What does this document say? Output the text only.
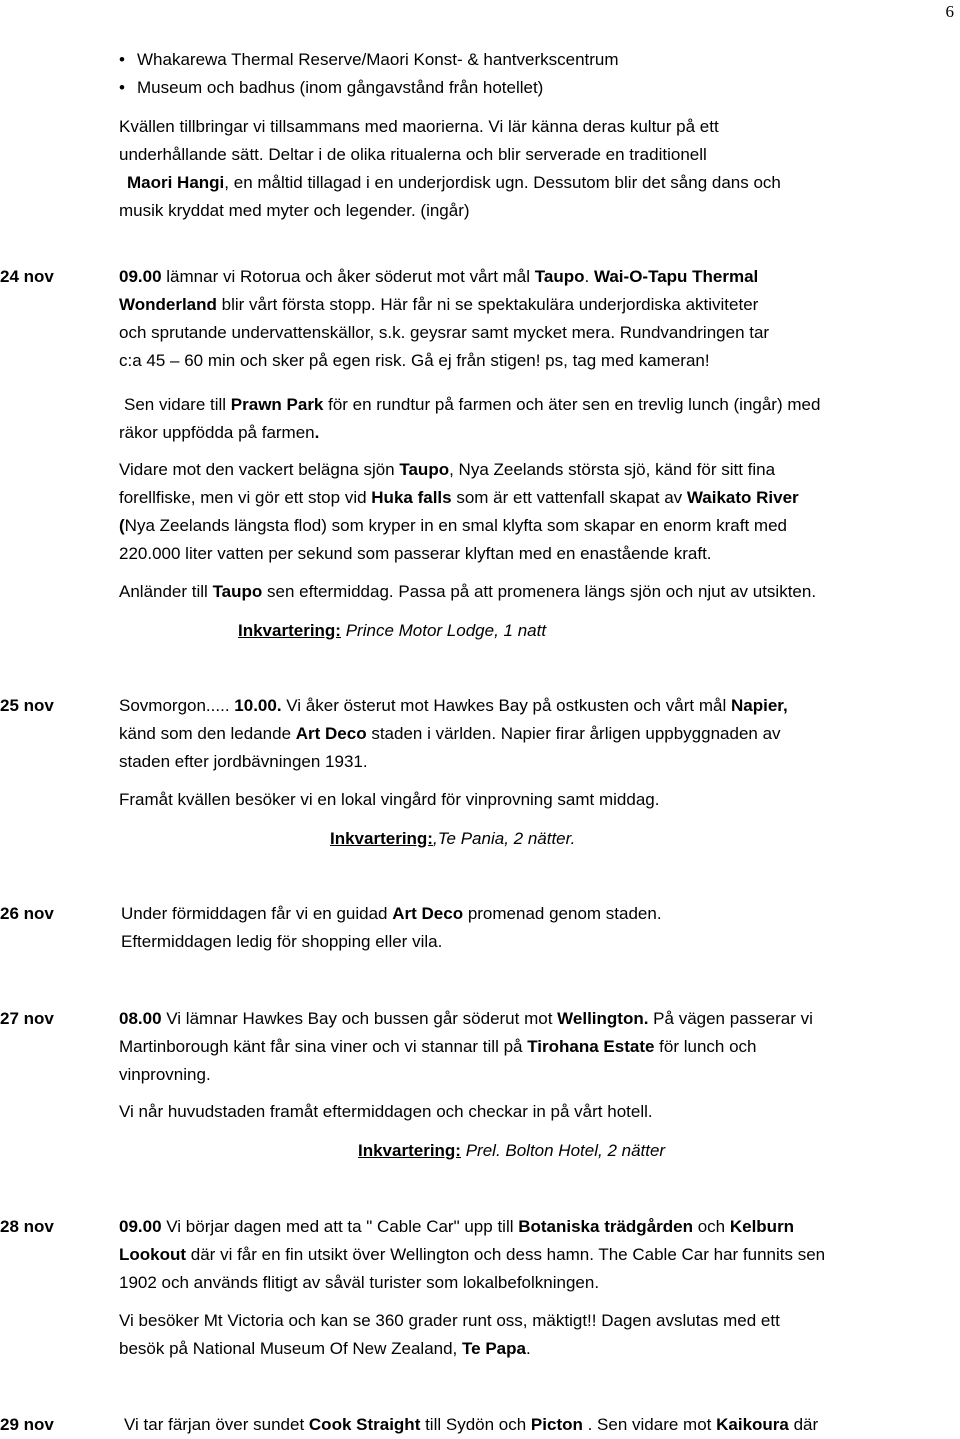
6
• Whakarewa Thermal Reserve/Maori Konst- & hantverkscentrum
• Museum och badhus (inom gångavstånd från hotellet)
Kvällen tillbringar vi tillsammans med maorierna. Vi lär känna deras kultur på ett
underhållande sätt. Deltar i de olika ritualerna och blir serverade en traditionell
Maori Hangi, en måltid tillagad i en underjordisk ugn. Dessutom blir det sång dans och
musik kryddat med myter och legender. (ingår)
24 nov	09.00 lämnar vi Rotorua och åker söderut mot vårt mål Taupo. Wai-O-Tapu Thermal
Wonderland blir vårt första stopp. Här får ni se spektakulära underjordiska aktiviteter
och sprutande undervattenskällor, s.k. geysrar samt mycket mera. Rundvandringen tar
c:a 45 – 60 min och sker på egen risk. Gå ej från stigen! ps, tag med kameran!
Sen vidare till Prawn Park för en rundtur på farmen och äter sen en trevlig lunch (ingår) med
räkor uppfödda på farmen.
Vidare mot den vackert belägna sjön Taupo, Nya Zeelands största sjö, känd för sitt fina
forellfiske, men vi gör ett stop vid Huka falls som är ett vattenfall skapat av Waikato River
(Nya Zeelands längsta flod) som kryper in en smal klyfta som skapar en enorm kraft med
220.000 liter vatten per sekund som passerar klyftan med en enastående kraft.
Anländer till Taupo sen eftermiddag. Passa på att promenera längs sjön och njut av utsikten.
Inkvartering: Prince Motor Lodge, 1 natt
25 nov	Sovmorgon..... 10.00. Vi åker österut mot Hawkes Bay på ostkusten och vårt mål Napier,
känd som den ledande Art Deco staden i världen. Napier firar årligen uppbyggnaden av
staden efter jordbävningen 1931.
Framåt kvällen besöker vi en lokal vingård för vinprovning samt middag.
Inkvartering:,Te Pania, 2 nätter.
26 nov	Under förmiddagen får vi en guidad Art Deco promenad genom staden.
Eftermiddagen ledig för shopping eller vila.
27 nov	08.00 Vi lämnar Hawkes Bay och bussen går söderut mot Wellington. På vägen passerar vi
Martinborough känt får sina viner och vi stannar till på Tirohana Estate för lunch och
vinprovning.
Vi når huvudstaden framåt eftermiddagen och checkar in på vårt hotell.
Inkvartering: Prel. Bolton Hotel, 2 nätter
28 nov	09.00 Vi börjar dagen med att ta " Cable Car" upp till Botaniska trädgården och Kelburn
Lookout där vi får en fin utsikt över Wellington och dess hamn. The Cable Car har funnits sen
1902 och används flitigt av såväl turister som lokalbefolkningen.
Vi besöker Mt Victoria och kan se 360 grader runt oss, mäktigt!! Dagen avslutas med ett
besök på National Museum Of New Zealand, Te Papa.
29 nov	Vi tar färjan över sundet Cook Straight till Sydön och Picton . Sen vidare mot Kaikoura där
